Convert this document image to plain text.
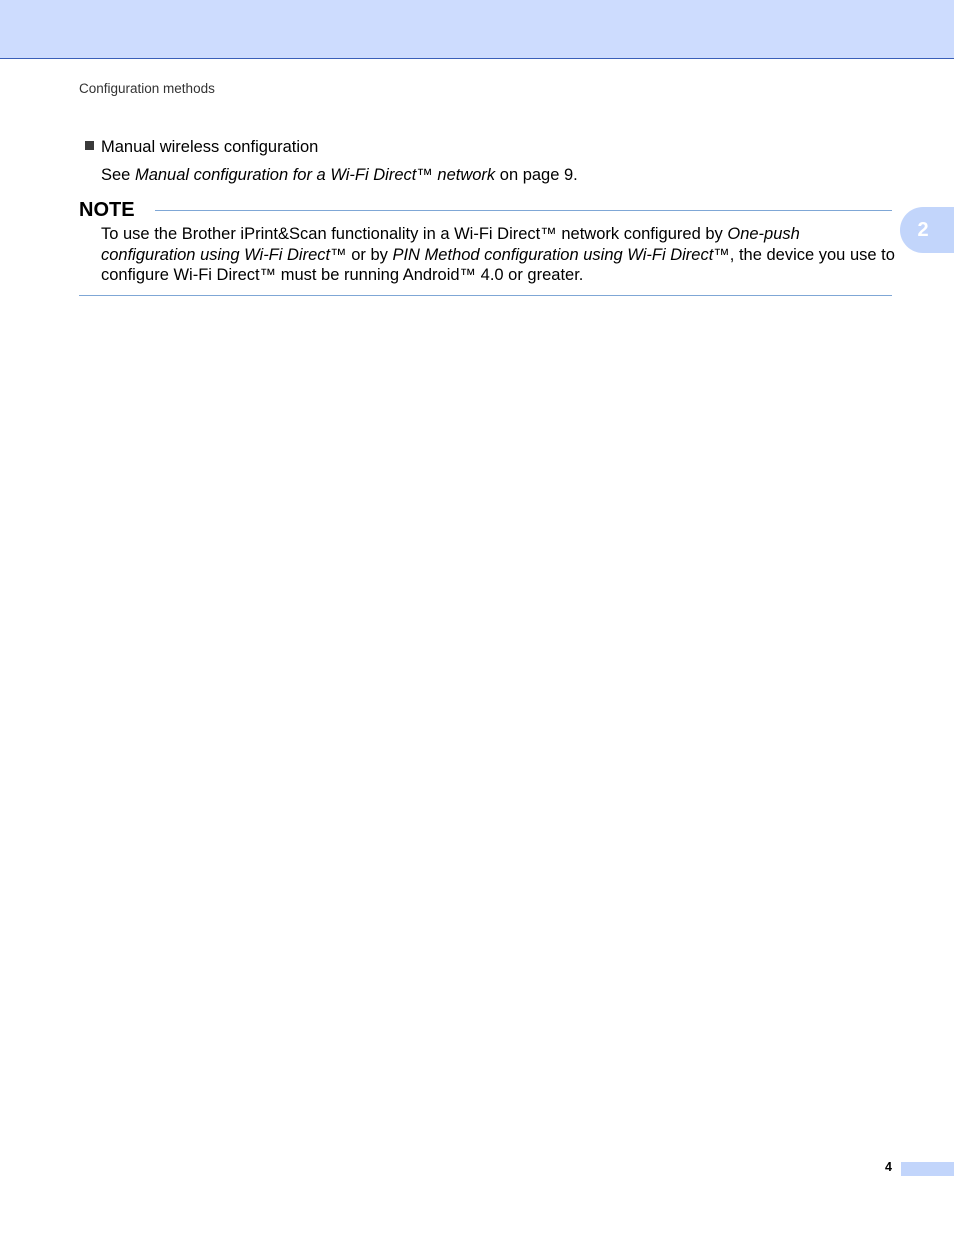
Configuration methods
2
Manual wireless configuration
See Manual configuration for a Wi-Fi Direct™ network on page 9.
NOTE
To use the Brother iPrint&Scan functionality in a Wi-Fi Direct™ network configured by One-push configuration using Wi-Fi Direct™ or by PIN Method configuration using Wi-Fi Direct™, the device you use to configure Wi-Fi Direct™ must be running Android™ 4.0 or greater.
4
